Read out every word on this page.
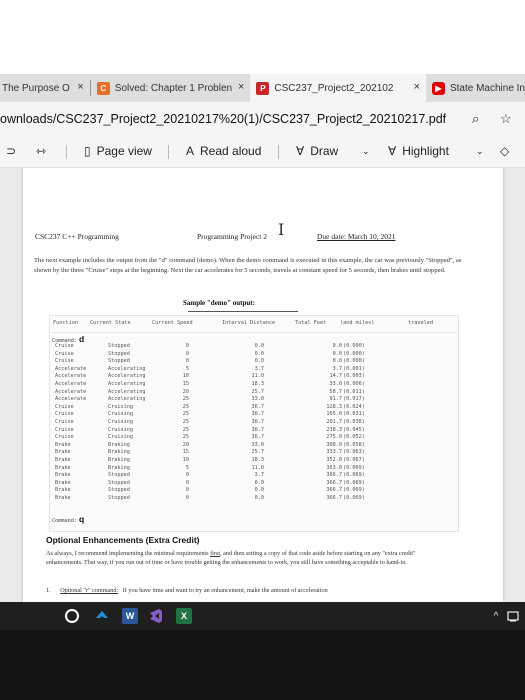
The Purpose O ×	C Solved: Chapter 1 Problen ×	P CSC237_Project2_202102 ×	▶ State Machine In
ownloads/CSC237_Project2_20210217%20(1)/CSC237_Project2_20210217.pdf ⌕ ☆
⊃ ⇿	▯ Page view	A Read aloud	∀ Draw	⌄ ∀ Highlight	⌄ ◇
I
CSC237 C++ Programming	Programming Project 2	Due date: March 10, 2021
The next example includes the output from the "d" command (demo). When the demo command is executed in this example, the car was previously "Stopped", as shown by the three "Cruise" steps at the beginning. Next the car accelerates for 5 seconds, travels at constant speed for 5 seconds, then brakes until stopped.
Sample "demo" output:
Function Current State	Current Speed	Interval Distance	Total Feet	(and miles)	traveled
Command: d
Cruise	Stopped	0	0.0	0.0 (0.000)
Cruise	Stopped	0	0.0	0.0 (0.000)
Cruise	Stopped	0	0.0	0.0 (0.000)
Accelerate	Accelerating	5	3.7	3.7 (0.001)
Accelerate	Accelerating	10	11.0	14.7 (0.003)
Accelerate	Accelerating	15	18.3	33.0 (0.006)
Accelerate	Accelerating	20	25.7	58.7 (0.011)
Accelerate	Accelerating	25	33.0	91.7 (0.017)
Cruise	Cruising	25	36.7	128.3 (0.024)
Cruise	Cruising	25	36.7	165.0 (0.031)
Cruise	Cruising	25	36.7	201.7 (0.038)
Cruise	Cruising	25	36.7	238.3 (0.045)
Cruise	Cruising	25	36.7	275.0 (0.052)
Brake	Braking	20	33.0	308.0 (0.058)
Brake	Braking	15	25.7	333.7 (0.063)
Brake	Braking	10	18.3	352.0 (0.067)
Brake	Braking	5	11.0	363.0 (0.069)
Brake	Stopped	0	3.7	366.7 (0.069)
Brake	Stopped	0	0.0	366.7 (0.069)
Brake	Stopped	0	0.0	366.7 (0.069)
Brake	Stopped	0	0.0	366.7 (0.069)
Command: q
Optional Enhancements (Extra Credit)
As always, I recommend implementing the minimal requirements first, and then setting a copy of that code aside before starting on any "extra credit" enhancements. That way, if you run out of time or have trouble getting the enhancements to work, you still have something acceptable to hand-in.
1. Optional "r" command: If you have time and want to try an enhancement, make the amount of acceleration
W	X	^
